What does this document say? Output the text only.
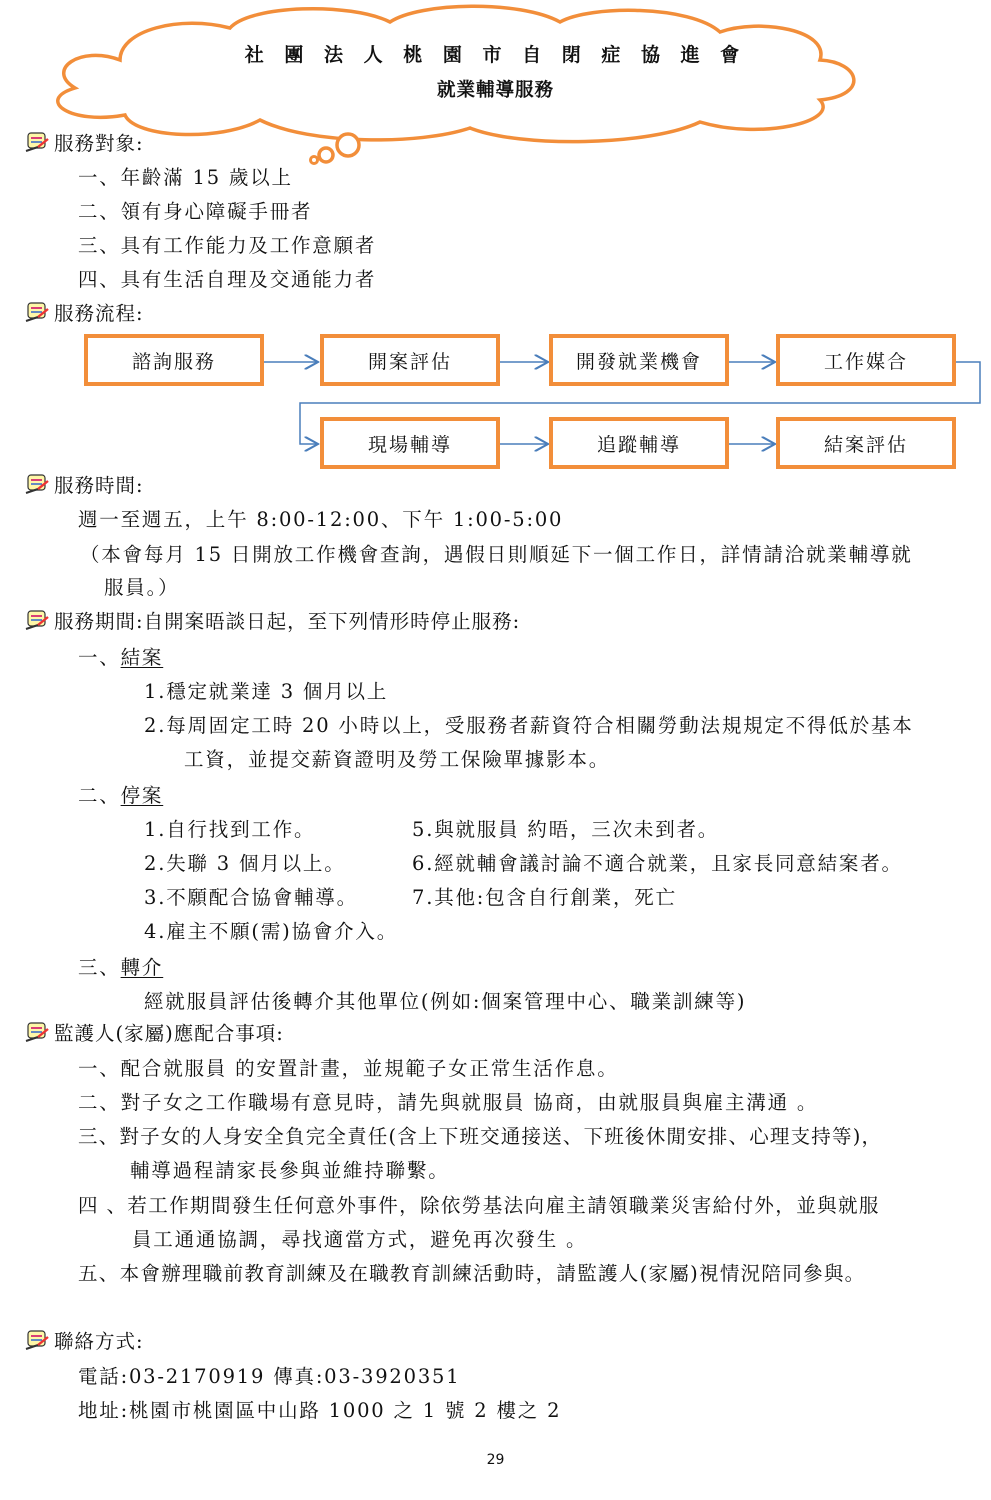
社 團 法 人 桃 園 市 自 閉 症 協 進 會
就業輔導服務
服務對象:
一、年齡滿 15 歲以上
二、領有身心障礙手冊者
三、具有工作能力及工作意願者
四、具有生活自理及交通能力者
服務流程:
諮詢服務	開案評估	開發就業機會	工作媒合
現場輔導	追蹤輔導	結案評估
服務時間:
週一至週五，上午 8:00-12:00、下午 1:00-5:00
（本會每月 15 日開放工作機會查詢，遇假日則順延下一個工作日，詳情請洽就業輔導就
服員。）
服務期間:自開案晤談日起，至下列情形時停止服務:
一、結案
1.穩定就業達 3 個月以上
2.每周固定工時 20 小時以上，受服務者薪資符合相關勞動法規規定不得低於基本
工資，並提交薪資證明及勞工保險單據影本。
二、停案
1.自行找到工作。
2.失聯 3 個月以上。
3.不願配合協會輔導。
4.雇主不願(需)協會介入。
5.與就服員 約晤，三次未到者。
6.經就輔會議討論不適合就業，且家長同意結案者。
7.其他:包含自行創業，死亡
三、轉介
經就服員評估後轉介其他單位(例如:個案管理中心、職業訓練等)
監護人(家屬)應配合事項:
一、配合就服員 的安置計畫，並規範子女正常生活作息。
二、對子女之工作職場有意見時，請先與就服員 協商，由就服員與雇主溝通 。
三、對子女的人身安全負完全責任(含上下班交通接送、下班後休閒安排、心理支持等)，
輔導過程請家長參與並維持聯繫。
四 、若工作期間發生任何意外事件，除依勞基法向雇主請領職業災害給付外，並與就服
員工通通協調，尋找適當方式，避免再次發生 。
五、本會辦理職前教育訓練及在職教育訓練活動時，請監護人(家屬)視情況陪同參與。
聯絡方式:
電話:03-2170919 傳真:03-3920351
地址:桃園市桃園區中山路 1000 之 1 號 2 樓之 2
29
